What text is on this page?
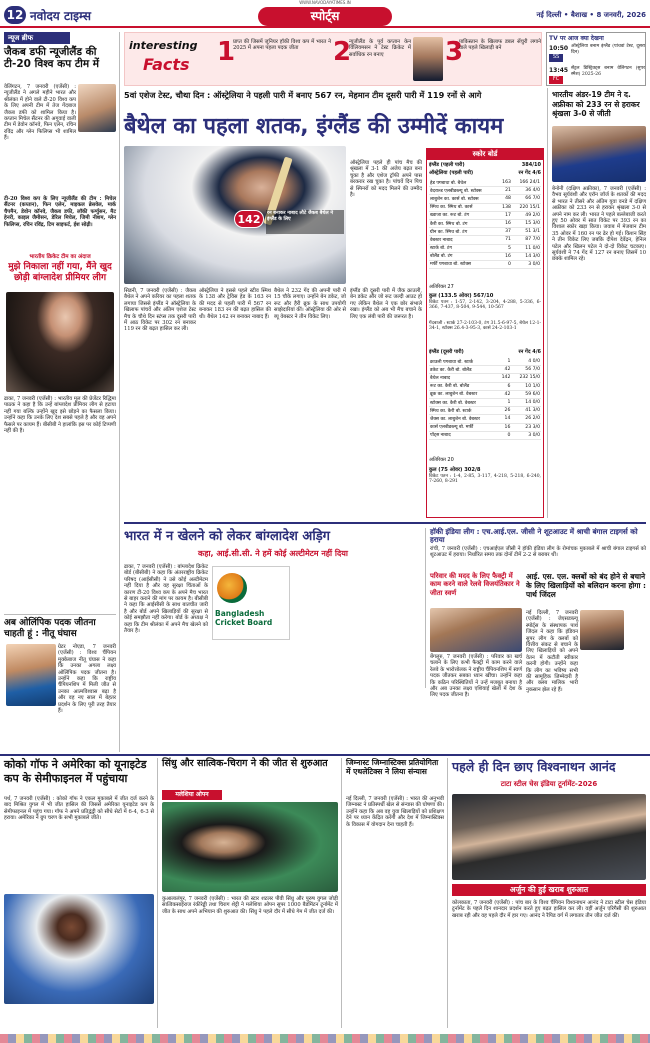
12 नवोदय टाइम्स
WWW.NAVODAYATIMES.IN
स्पोर्ट्स	नई दिल्ली • बैशाख • 8 जनवरी, 2026
न्यूज ब्रीफ
जैकब डफी न्यूजीलैंड की टी-20 विश्व कप टीम में
वेलिंगटन, 7 जनवरी (एजेंसी) : न्यूजीलैंड ने अगले महीने भारत और श्रीलंका में होने वाले टी-20 विश्व कप के लिए अपनी टीम में तेज गेंदबाज जैकब डफी को शामिल किया है। कप्तान मिचेल सैंटनर की अगुवाई वाली टीम में डेवोन कॉनवे, फिन एलेन, रचिन रविंद्र और ग्लेन फिलिप्स भी शामिल हैं।
टी-20 विश्व कप के लिए न्यूजीलैंड की टीम : मिचेल सैंटनर (कप्तान), फिन एलेन, माइकल ब्रेसवेल, मार्क चैपमैन, डेवोन कॉनवे, जैकब डफी, लॉकी फर्ग्युसन, मैट हेनरी, काइल जैमीसन, डेरिल मिचेल, जिमी नीशम, ग्लेन फिलिप्स, रचिन रविंद्र, टिम साइफर्ट, ईश सोढ़ी।
भारतीय क्रिकेट टीम का अंदाज
मुझे निकाला नहीं गया, मैंने खुद छोड़ी बांग्लादेश प्रीमियर लीग
ढाका, 7 जनवरी (एजेंसी) : भारतीय मूल की प्रेजेंटर रिद्धिमा पाठक ने कहा है कि उन्हें बांग्लादेश प्रीमियर लीग से हटाया नहीं गया बल्कि उन्होंने खुद इसे छोड़ने का फैसला किया। उन्होंने कहा कि उनके लिए देश सबसे पहले है और वह अपने फैसले पर कायम हैं। बीसीबी ने हालांकि इस पर कोई टिप्पणी नहीं की है।
अब ओलिंपिक पदक जीतना चाहती हूं : नीतू घंघास
ग्रेटर नोएडा, 7 जनवरी (एजेंसी) : विश्व चैंपियन मुक्केबाज नीतू घंघास ने कहा कि उनका अगला लक्ष्य ओलिंपिक पदक जीतना है। उन्होंने कहा कि राष्ट्रीय चैंपियनशिप में मिली जीत से उनका आत्मविश्वास बढ़ा है और वह नए साल में बेहतर प्रदर्शन के लिए पूरी तरह तैयार हैं।

interesting
Facts	1
प्राप्त की जिसमें जूनियर हॉकी विश्व कप में भारत ने 2025 में अपना पहला पदक जीता	2
न्यूजीलैंड के पूर्व कप्तान केन विलियमसन ने टेस्ट क्रिकेट में सर्वाधिक रन बनाए	3
पाकिस्तान के खिलाफ डबल सेंचुरी लगाने वाले पहले खिलाड़ी बने
TV पर आज क्या देखना
10:50
SS
ऑस्ट्रेलिया बनाम इंग्लैंड (पांचवां टेस्ट, दूसरा दिन)
13:45
FC
सेंट्रल डिस्ट्रिक्ट्स बनाम वेलिंगटन (सुपर स्मैश) 2025-26
5वां एशेज टेस्ट, चौथा दिन : ऑस्ट्रेलिया ने पहली पारी में बनाए 567 रन, मेहमान टीम दूसरी पारी में 119 रनों से आगे
बैथेल का पहला शतक, इंग्लैंड की उम्मीदें कायम
142	रन बनाकर नाबाद लौटे जैकब बैथेल ने इंग्लैंड के लिए
सिडनी, 7 जनवरी (एजेंसी) : जैकब बैथेल ने अपने करियर का पहला शतक लगाया जिससे इंग्लैंड ने ऑस्ट्रेलिया के खिलाफ पांचवें और अंतिम एशेज टेस्ट मैच के चौथे दिन स्टंप्स तक दूसरी पारी में आठ विकेट पर 302 रन बनाकर 119 रन की बढ़त हासिल कर ली।
ऑस्ट्रेलिया ने इससे पहले स्टीव स्मिथ के 138 और ट्रेविस हेड के 163 रन की मदद से पहली पारी में 567 रन बनाकर 183 रन की बढ़त हासिल की थी। बैथेल 142 रन बनाकर नाबाद हैं।
बैथेल ने 232 गेंद की अपनी पारी में 15 चौके लगाए। उन्होंने बेन डकेट, जो रूट और हैरी ब्रूक के साथ उपयोगी साझेदारियां कीं। ऑस्ट्रेलिया की ओर से ब्यू वेबस्टर ने तीन विकेट लिए।
इंग्लैंड की दूसरी पारी में जैक क्राउली, बेन डकेट और जो रूट जल्दी आउट हो गए लेकिन बैथेल ने एक छोर संभाले रखा। इंग्लैंड को अब भी मैच बचाने के लिए एक लंबी पारी की जरूरत है।
ऑस्ट्रेलिया पहले ही पांच मैच की श्रृंखला में 3-1 की अजेय बढ़त बना चुका है और एशेज ट्रॉफी अपने पास बरकरार रख चुका है। पांचवें दिन पिच से स्पिनरों को मदद मिलने की उम्मीद है।
स्कोर बोर्ड
इंग्लैंड (पहली पारी)	384/10
ऑस्ट्रेलिया (पहली पारी)	रन गेंद 4/6
हेड पगबाधा बो. बैथेल	163	166 24/1
वेदराल्ड एलबीडब्ल्यू बो. स्टोक्स	21	36 4/0
लाबुशेन का. कार्स बो. स्टोक्स	48	66 7/0
स्मिथ का. स्मिथ बो. कार्स	138	220 15/1
ख्वाजा का. रूट बो. टंग	17	49 2/0
कैरी का. स्मिथ बो. टंग	16	15 3/0
ग्रीन का. स्मिथ बो. टंग	37	51 3/1
वेबस्टर नाबाद	71	87 7/0
स्टार्क बो. टंग	5	11 0/0
बोलैंड बो. टंग	16	14 3/0
मर्फी पगबाधा बो. स्टोक्स	0	3 0/0
अतिरिक्त 27
कुल (133.5 ओवर) 567/10
विकेट पतन : 1-57, 2-142, 3-204, 4-288, 5-336, 6-366, 7-437, 8-504, 9-544, 10-567
गेंदबाजी : स्टार्क 27-2-103-0, टंग 31.5-6-97-5, बेथेल 12-1-34-1, स्टोक्स 26.4-3-95-3, कार्स 24-2-103-1
इंग्लैंड (दूसरी पारी)	रन गेंद 4/6
क्राउली पगबाधा बो. स्टार्क	1	4 0/0
डकेट का. कैरी बो. बोलैंड	42	56 7/0
बैथेल नाबाद	142	232 15/0
रूट का. कैरी बो. बोलैंड	6	10 1/0
ब्रूक का. लाबुशेन बो. वेबस्टर	42	59 6/0
स्टोक्स का. कैरी बो. वेबस्टर	1	14 0/0
स्मिथ का. कैरी बो. स्टार्क	26	41 3/0
जैक्स का. लाबुशेन बो. वेबस्टर	14	26 2/0
कार्स एलबीडब्ल्यू बो. मर्फी	16	23 3/0
पॉट्स नाबाद	0	3 0/0
अतिरिक्त 20
कुल (75 ओवर) 302/8
विकेट पतन : 1-4, 2-85, 3-117, 4-218, 5-218, 6-240, 7-260, 8-291
भारतीय अंडर-19 टीम ने द. अफ्रीका को 233 रन से हराकर श्रृंखला 3-0 से जीती
बेनोनी (दक्षिण अफ्रीका), 7 जनवरी (एजेंसी) : वैभव सूर्यवंशी और एरॉन जॉर्ज के शतकों की मदद से भारत ने तीसरे और अंतिम युवा वनडे में दक्षिण अफ्रीका को 233 रन से हराकर श्रृंखला 3-0 से अपने नाम कर ली। भारत ने पहले बल्लेबाजी करते हुए 50 ओवर में सात विकेट पर 393 रन का विशाल स्कोर खड़ा किया। जवाब में मेजबान टीम 35 ओवर में 160 रन पर ढेर हो गई। किशन सिंह ने तीन विकेट लिए जबकि दीपेश देवेंद्रन, हेनिल पटेल और खिलन पटेल ने दो-दो विकेट चटकाए। सूर्यवंशी ने 74 गेंद में 127 रन बनाए जिसमें 10 छक्के शामिल रहे।
भारत में न खेलने को लेकर बांग्लादेश अड़िग
कहा, आई.सी.सी. ने हमें कोई अल्टीमेटम नहीं दिया
Bangladesh Cricket Board
ढाका, 7 जनवरी (एजेंसी) : बांग्लादेश क्रिकेट बोर्ड (बीसीबी) ने कहा कि अंतरराष्ट्रीय क्रिकेट परिषद (आईसीसी) ने उसे कोई अल्टीमेटम नहीं दिया है और वह सुरक्षा चिंताओं के कारण टी-20 विश्व कप के अपने मैच भारत से बाहर कराने की मांग पर कायम है। बीसीबी ने कहा कि आईसीसी के साथ बातचीत जारी है और बोर्ड अपने खिलाड़ियों की सुरक्षा से कोई समझौता नहीं करेगा। बोर्ड के अध्यक्ष ने कहा कि टीम श्रीलंका में अपने मैच खेलने को तैयार है।

हॉकी इंडिया लीग : एच.आई.एल. जीसी ने शूटआउट में श्राची बंगाल टाइगर्स को हराया
रांची, 7 जनवरी (एजेंसी) : एचआईएल जीसी ने हॉकी इंडिया लीग के रोमांचक मुकाबले में श्राची बंगाल टाइगर्स को शूटआउट में हराया। निर्धारित समय तक दोनों टीमें 2-2 से बराबर थीं।
परिवार की मदद के लिए फैक्ट्री में काम करने वाले रेलवे विजयंतिकार ने जीता स्वर्ण
बेंगलुरु, 7 जनवरी (एजेंसी) : परिवार का खर्च चलाने के लिए कभी फैक्ट्री में काम करने वाले रेलवे के भारोत्तोलक ने राष्ट्रीय चैंपियनशिप में स्वर्ण पदक जीतकर सबका ध्यान खींचा। उन्होंने कहा कि कठिन परिस्थितियों ने उन्हें मजबूत बनाया है और अब उनका लक्ष्य एशियाई खेलों में देश के लिए पदक जीतना है।
आई. एस. एल. क्लबों को बंद होने से बचाने के लिए खिलाड़ियों को बलिदान करना होगा : पार्थ जिंदल
नई दिल्ली, 7 जनवरी (एजेंसी) : जेएसडब्ल्यू स्पोर्ट्स के संस्थापक पार्थ जिंदल ने कहा कि इंडियन सुपर लीग के क्लबों को वित्तीय संकट से बचाने के लिए खिलाड़ियों को अपने वेतन में कटौती स्वीकार करनी होगी। उन्होंने कहा कि लीग का भविष्य सभी की सामूहिक जिम्मेदारी है और क्लब मालिक भारी नुकसान झेल रहे हैं।
कोको गॉफ ने अमेरिका को यूनाइटेड कप के सेमीफाइनल में पहुंचाया
पर्थ, 7 जनवरी (एजेंसी) : कोको गॉफ ने एकल मुकाबले में जीत दर्ज करने के बाद मिश्रित युगल में भी जीत हासिल की जिससे अमेरिका यूनाइटेड कप के सेमीफाइनल में पहुंच गया। गॉफ ने अपने प्रतिद्वंद्वी को सीधे सेटों में 6-4, 6-3 से हराया। अमेरिका ने ग्रुप चरण के सभी मुकाबले जीते।
सिंधु और सात्विक-चिराग ने की जीत से शुरुआत
मलेशिया ओपन
कुआलालंपुर, 7 जनवरी (एजेंसी) : भारत की स्टार शटलर पीवी सिंधु और पुरुष युगल जोड़ी सात्विकसाईराज रंकीरेड्डी तथा चिराग शेट्टी ने मलेशिया ओपन सुपर 1000 बैडमिंटन टूर्नामेंट में जीत के साथ अपने अभियान की शुरुआत की। सिंधु ने पहले दौर में सीधे गेम में जीत दर्ज की।
जिम्नास्ट जिम्नास्टिक्स प्रतियोगिता में एथलेटिक्स ने लिया संन्यास
नई दिल्ली, 7 जनवरी (एजेंसी) : भारत की अनुभवी जिम्नास्ट ने प्रतिस्पर्धी खेल से संन्यास की घोषणा की। उन्होंने कहा कि अब वह युवा खिलाड़ियों को प्रशिक्षण देने पर ध्यान केंद्रित करेंगी और देश में जिम्नास्टिक्स के विकास में योगदान देना चाहती हैं।
पहले ही दिन छाए विश्वनाथन आनंद
टाटा स्टील चेस इंडिया टूर्नामेंट-2026
अर्जुन की हुई खराब शुरुआत
कोलकाता, 7 जनवरी (एजेंसी) : पांच बार के विश्व चैंपियन विश्वनाथन आनंद ने टाटा स्टील चेस इंडिया टूर्नामेंट के पहले दिन शानदार प्रदर्शन करते हुए बढ़त हासिल कर ली। वहीं अर्जुन एरिगैसी की शुरुआत खराब रही और वह पहले दौर में हार गए। आनंद ने रैपिड वर्ग में लगातार तीन जीत दर्ज कीं।
